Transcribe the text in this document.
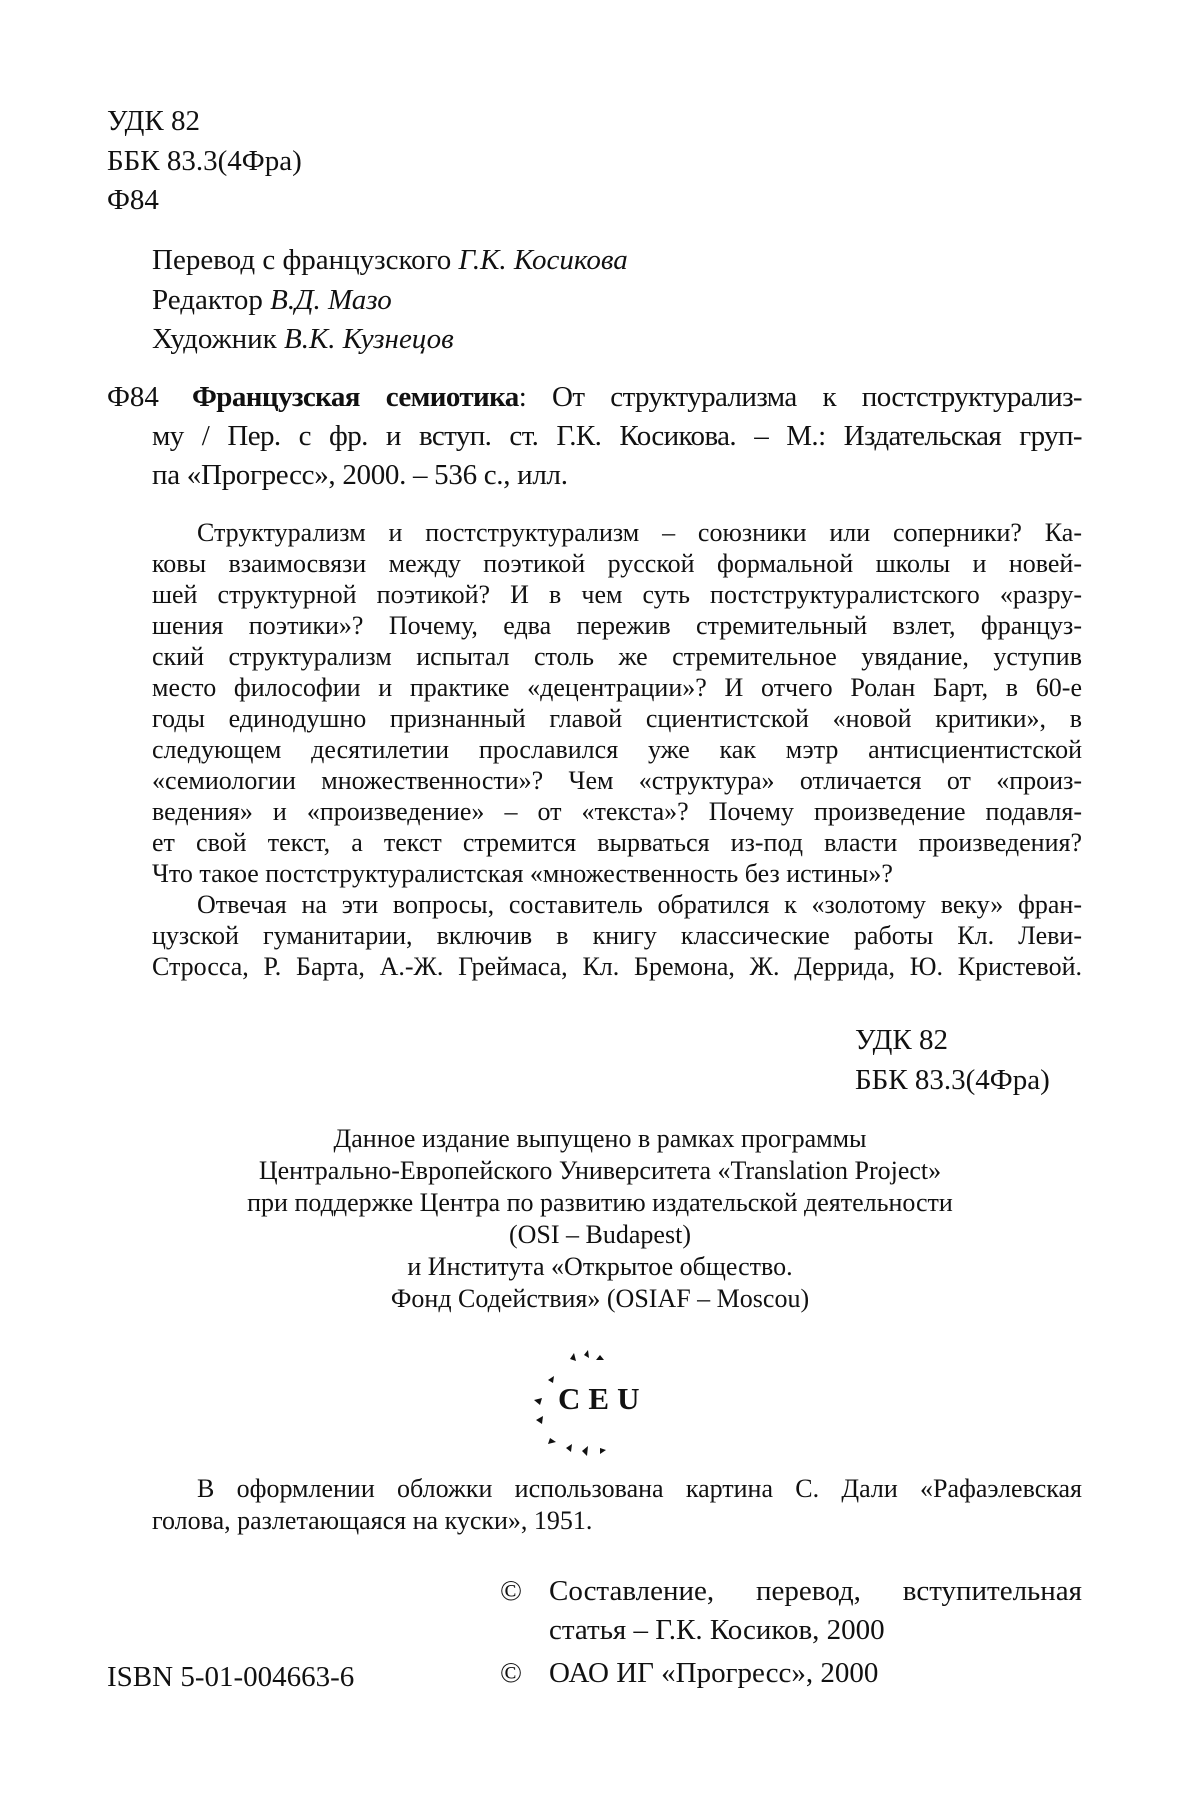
УДК 82
ББК 83.3(4Фра)
Ф84
Перевод с французского Г.К. Косикова
Редактор В.Д. Мазо
Художник В.К. Кузнецов
Ф84 Французская семиотика: От структурализма к постструктурализ-
му / Пер. с фр. и вступ. ст. Г.К. Косикова. – М.: Издательская груп-
па «Прогресс», 2000. – 536 с., илл.
Структурализм и постструктурализм – союзники или соперники? Ка-
ковы взаимосвязи между поэтикой русской формальной школы и новей-
шей структурной поэтикой? И в чем суть постструктуралистского «разру-
шения поэтики»? Почему, едва пережив стремительный взлет, француз-
ский структурализм испытал столь же стремительное увядание, уступив
место философии и практике «децентрации»? И отчего Ролан Барт, в 60-е
годы единодушно признанный главой сциентистской «новой критики», в
следующем десятилетии прославился уже как мэтр антисциентистской
«семиологии множественности»? Чем «структура» отличается от «произ-
ведения» и «произведение» – от «текста»? Почему произведение подавля-
ет свой текст, а текст стремится вырваться из-под власти произведения?
Что такое постструктуралистская «множественность без истины»?
Отвечая на эти вопросы, составитель обратился к «золотому веку» фран-
цузской гуманитарии, включив в книгу классические работы Кл. Леви-
Стросса, Р. Барта, А.-Ж. Греймаса, Кл. Бремона, Ж. Деррида, Ю. Кристевой.
УДК 82
ББК 83.3(4Фра)
Данное издание выпущено в рамках программы
Центрально-Европейского Университета «Translation Project»
при поддержке Центра по развитию издательской деятельности
(OSI – Budapest)
и Института «Открытое общество.
Фонд Содействия» (OSIAF – Moscou)
CEU
В оформлении обложки использована картина С. Дали «Рафаэлевская
голова, разлетающаяся на куски», 1951.
© Составление, перевод, вступительная
статья – Г.К. Косиков, 2000
ISBN 5-01-004663-6	© ОАО ИГ «Прогресс», 2000
